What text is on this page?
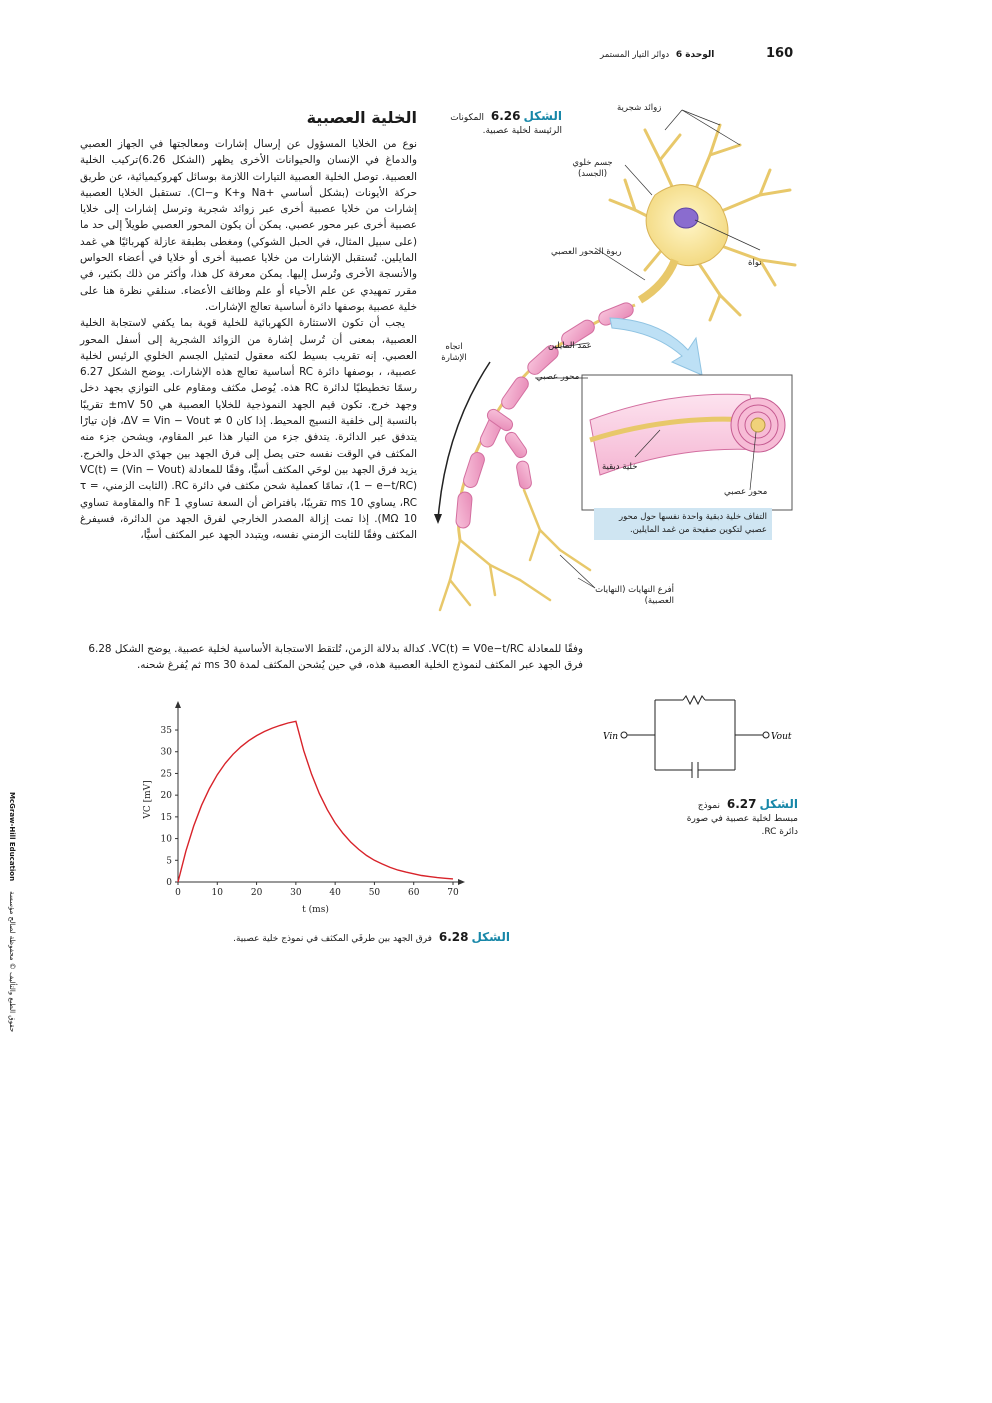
160
الوحدة 6 دوائر التيار المستمر
McGraw-Hill Educationحقوق الطبع والتأليف © محفوظة لصالح مؤسسة
الخلية العصبية

نوع من الخلايا المسؤول عن إرسال إشارات ومعالجتها في الجهاز العصبي والدماغ في الإنسان والحيوانات الأخرى يظهر (الشكل 6.26)تركيب الخلية العصبية. توصل الخلية العصبية التيارات اللازمة بوسائل كهروكيميائية، عن طريق حركة الأيونات (بشكل أساسي +Na و+K و−Cl). تستقبل الخلايا العصبية إشارات من خلايا عصبية أخرى عبر زوائد شجرية وترسل إشارات إلى خلايا عصبية أخرى عبر محور عصبي. يمكن أن يكون المحور العصبي طويلاً إلى حد ما (على سبيل المثال، في الحبل الشوكي) ومغطى بطبقة عازلة كهربائيًا هي غمد المايلين. تُستقبل الإشارات من خلايا عصبية أخرى أو خلايا في أعضاء الحواس والأنسجة الأخرى وتُرسل إليها. يمكن معرفة كل هذا، وأكثر من ذلك بكثير، في مقرر تمهيدي عن علم الأحياء أو علم وظائف الأعضاء. سنلقي نظرة هنا على خلية عصبية بوصفها دائرة أساسية تعالج الإشارات.

يجب أن تكون الاستثارة الكهربائية للخلية قوية بما يكفي لاستجابة الخلية العصبية، بمعنى أن تُرسل إشارة من الزوائد الشجرية إلى أسفل المحور العصبي. إنه تقريب بسيط لكنه معقول لتمثيل الجسم الخلوي الرئيس لخلية عصبية، ، بوصفها دائرة RC أساسية تعالج هذه الإشارات. يوضح الشكل 6.27 رسمًا تخطيطيًا لدائرة RC هذه. يُوصل مكثف ومقاوم على التوازي بجهد دخل وجهد خرج. تكون قيم الجهد النموذجية للخلايا العصبية هي 50 mV± تقريبًا بالنسبة إلى خلفية النسيج المحيط. إذا كان ΔV = Vin − Vout ≠ 0، فإن تيارًا يتدفق عبر الدائرة. يتدفق جزء من التيار هذا عبر المقاوم، ويشحن جزء منه المكثف في الوقت نفسه حتى يصل إلى فرق الجهد بين جهدَي الدخل والخرج. يزيد فرق الجهد بين لوحَي المكثف أسيًّا، وفقًا للمعادلة VC(t) = (Vin − Vout)(1 − e−t/RC)، تمامًا كعملية شحن مكثف في دائرة RC. (الثابت الزمني، τ = RC، يساوي 10 ms تقريبًا، بافتراض أن السعة تساوي 1 nF والمقاومة تساوي 10 MΩ). إذا تمت إزالة المصدر الخارجي لفرق الجهد من الدائرة، فسيفرغ المكثف وفقًا للثابت الزمني نفسه، ويتبدد الجهد عبر المكثف أسيًّا،

وفقًا للمعادلة VC(t) = V0e−t/RC. كدالة بدلالة الزمن، تُلتقط الاستجابة الأساسية لخلية عصبية. يوضح الشكل 6.28 فرق الجهد عبر المكثف لنموذج الخلية العصبية هذه، في حين يُشحن المكثف لمدة 30 ms ثم يُفرغ شحنه.

الشكل6.26 المكونات الرئيسة لخلية عصبية.
زوائد شجرية
جسم خلوي (الجسد)
نواة
ربوة المحور العصبي
غمد المايلين
اتجاه الإشارة
محور عصبي
خلية دبقية
محور عصبي
أفرع النهايات (النهايات العصبية)
التفاف خلية دبقية واحدة نفسها حول محور عصبي لتكوين صفيحة من غمد المايلين.
Vin	Vout
الشكل6.27 نموذج مبسط لخلية عصبية في صورة دائرة RC.
0	10	20	30	40	50	60	70
0
5
10
15
20
25
30
35
t (ms)
VC [mV]
الشكل6.28 فرق الجهد بين طرفَي المكثف في نموذج خلية عصبية.
